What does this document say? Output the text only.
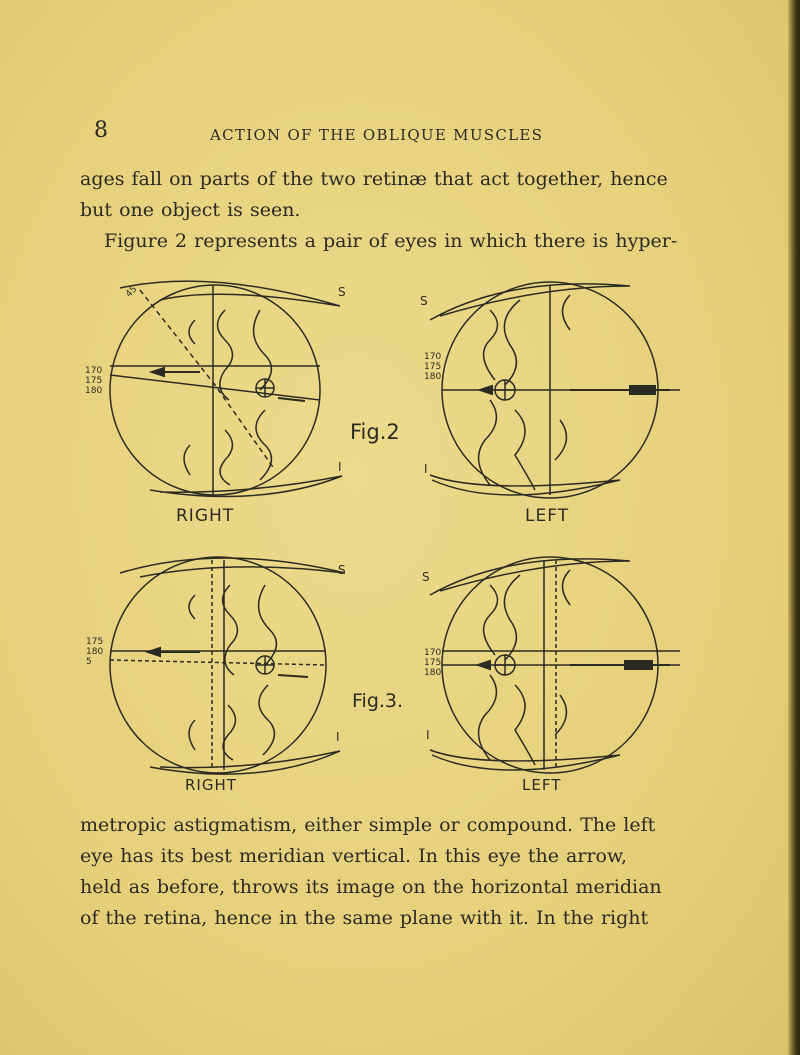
8	ACTION OF THE OBLIQUE MUSCLES
ages fall on parts of the two retinæ that act together, hence
but one object is seen.
Figure 2 represents a pair of eyes in which there is hyper-
170
175
180
45	S
I
RIGHT
Fig.2
170
175
180
S
I
LEFT
175
180
5
S
I
RIGHT
Fig.3.
170
175
180
S
I
LEFT
metropic astigmatism, either simple or compound. The left
eye has its best meridian vertical. In this eye the arrow,
held as before, throws its image on the horizontal meridian
of the retina, hence in the same plane with it. In the right
